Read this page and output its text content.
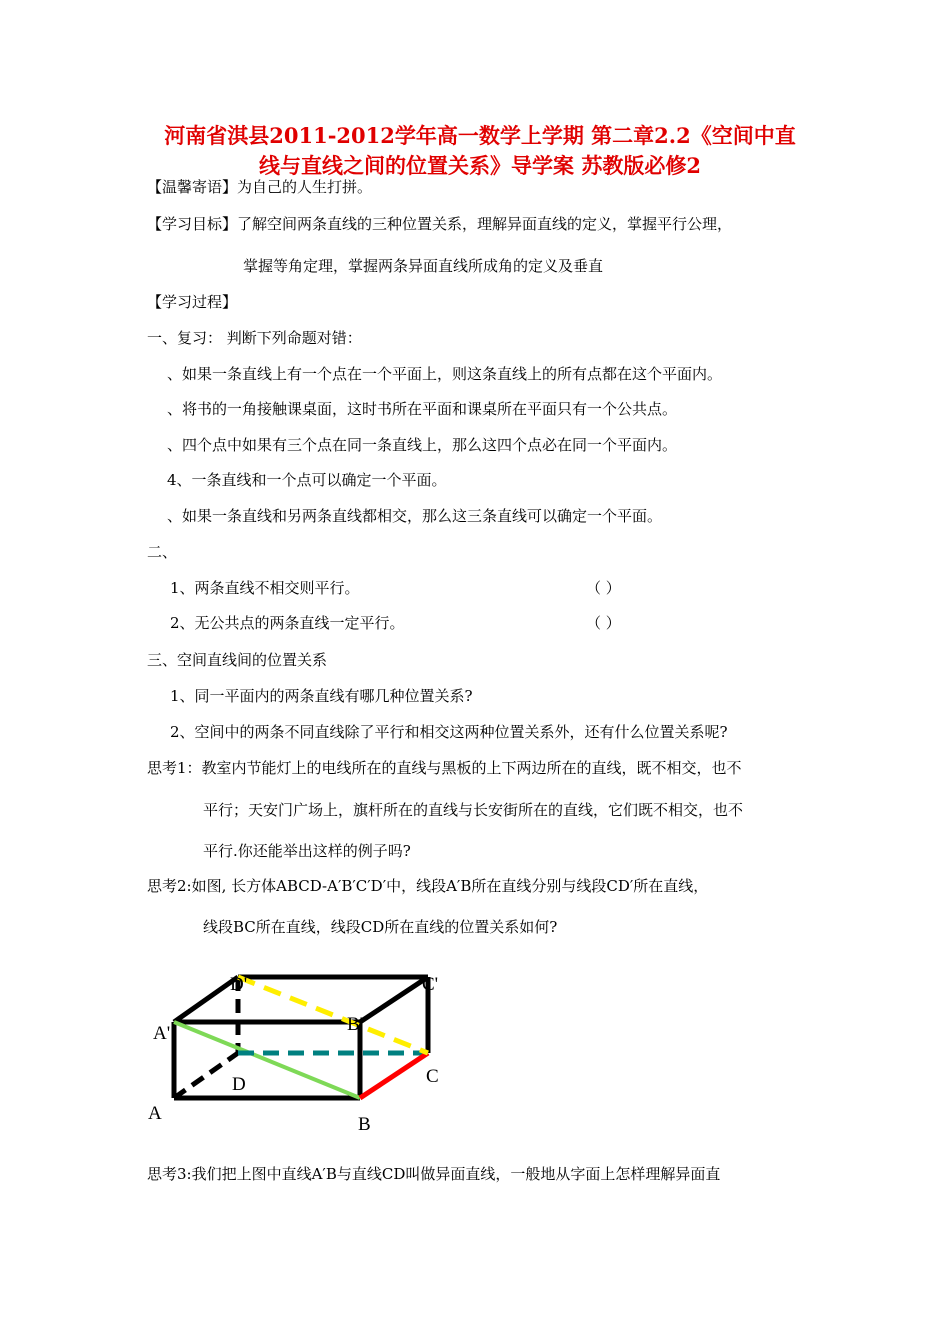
河南省淇县2011-2012学年高一数学上学期 第二章2.2《空间中直
线与直线之间的位置关系》导学案 苏教版必修2
【温馨寄语】为自己的人生打拼。
【学习目标】了解空间两条直线的三种位置关系，理解异面直线的定义，掌握平行公理，
掌握等角定理，掌握两条异面直线所成角的定义及垂直
【学习过程】
一、复习： 判断下列命题对错：
、如果一条直线上有一个点在一个平面上，则这条直线上的所有点都在这个平面内。
、将书的一角接触课桌面，这时书所在平面和课桌所在平面只有一个公共点。
、四个点中如果有三个点在同一条直线上，那么这四个点必在同一个平面内。
4、一条直线和一个点可以确定一个平面。
、如果一条直线和另两条直线都相交，那么这三条直线可以确定一个平面。
二、
1、两条直线不相交则平行。	（ ）
2、无公共点的两条直线一定平行。	（ ）
三、空间直线间的位置关系
1、同一平面内的两条直线有哪几种位置关系?
2、空间中的两条不同直线除了平行和相交这两种位置关系外，还有什么位置关系呢?
思考1：教室内节能灯上的电线所在的直线与黑板的上下两边所在的直线，既不相交，也不
平行；天安门广场上，旗杆所在的直线与长安街所在的直线，它们既不相交，也不
平行.你还能举出这样的例子吗?
思考2:如图, 长方体ABCD-A′B′C′D′中，线段A′B所在直线分别与线段CD′所在直线，
线段BC所在直线，线段CD所在直线的位置关系如何?
D'	C'
A'	B'
D	C
A
B
思考3:我们把上图中直线A′B与直线CD叫做异面直线，一般地从字面上怎样理解异面直
